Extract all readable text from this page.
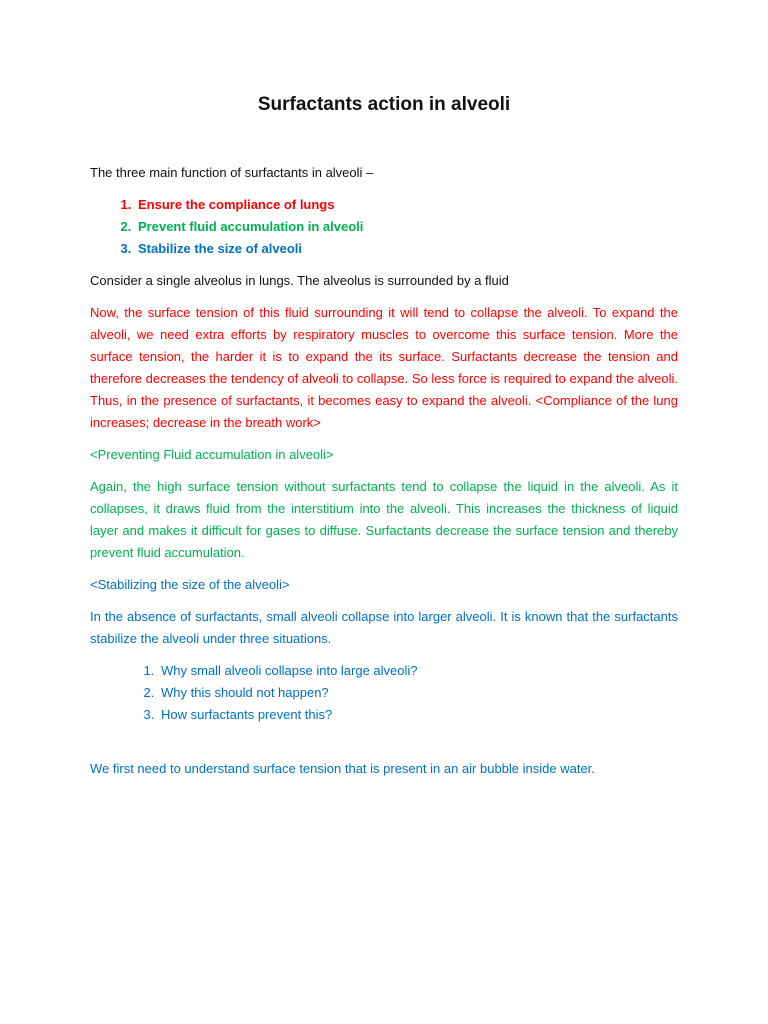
Surfactants action in alveoli

The three main function of surfactants in alveoli –

1. Ensure the compliance of lungs
2. Prevent fluid accumulation in alveoli
3. Stabilize the size of alveoli

Consider a single alveolus in lungs. The alveolus is surrounded by a fluid

Now, the surface tension of this fluid surrounding it will tend to collapse the alveoli. To expand the alveoli, we need extra efforts by respiratory muscles to overcome this surface tension. More the surface tension, the harder it is to expand the its surface. Surfactants decrease the tension and therefore decreases the tendency of alveoli to collapse. So less force is required to expand the alveoli. Thus, in the presence of surfactants, it becomes easy to expand the alveoli. <Compliance of the lung increases; decrease in the breath work>

<Preventing Fluid accumulation in alveoli>

Again, the high surface tension without surfactants tend to collapse the liquid in the alveoli. As it collapses, it draws fluid from the interstitium into the alveoli. This increases the thickness of liquid layer and makes it difficult for gases to diffuse. Surfactants decrease the surface tension and thereby prevent fluid accumulation.

<Stabilizing the size of the alveoli>

In the absence of surfactants, small alveoli collapse into larger alveoli. It is known that the surfactants stabilize the alveoli under three situations.

1. Why small alveoli collapse into large alveoli?
2. Why this should not happen?
3. How surfactants prevent this?

We first need to understand surface tension that is present in an air bubble inside water.
